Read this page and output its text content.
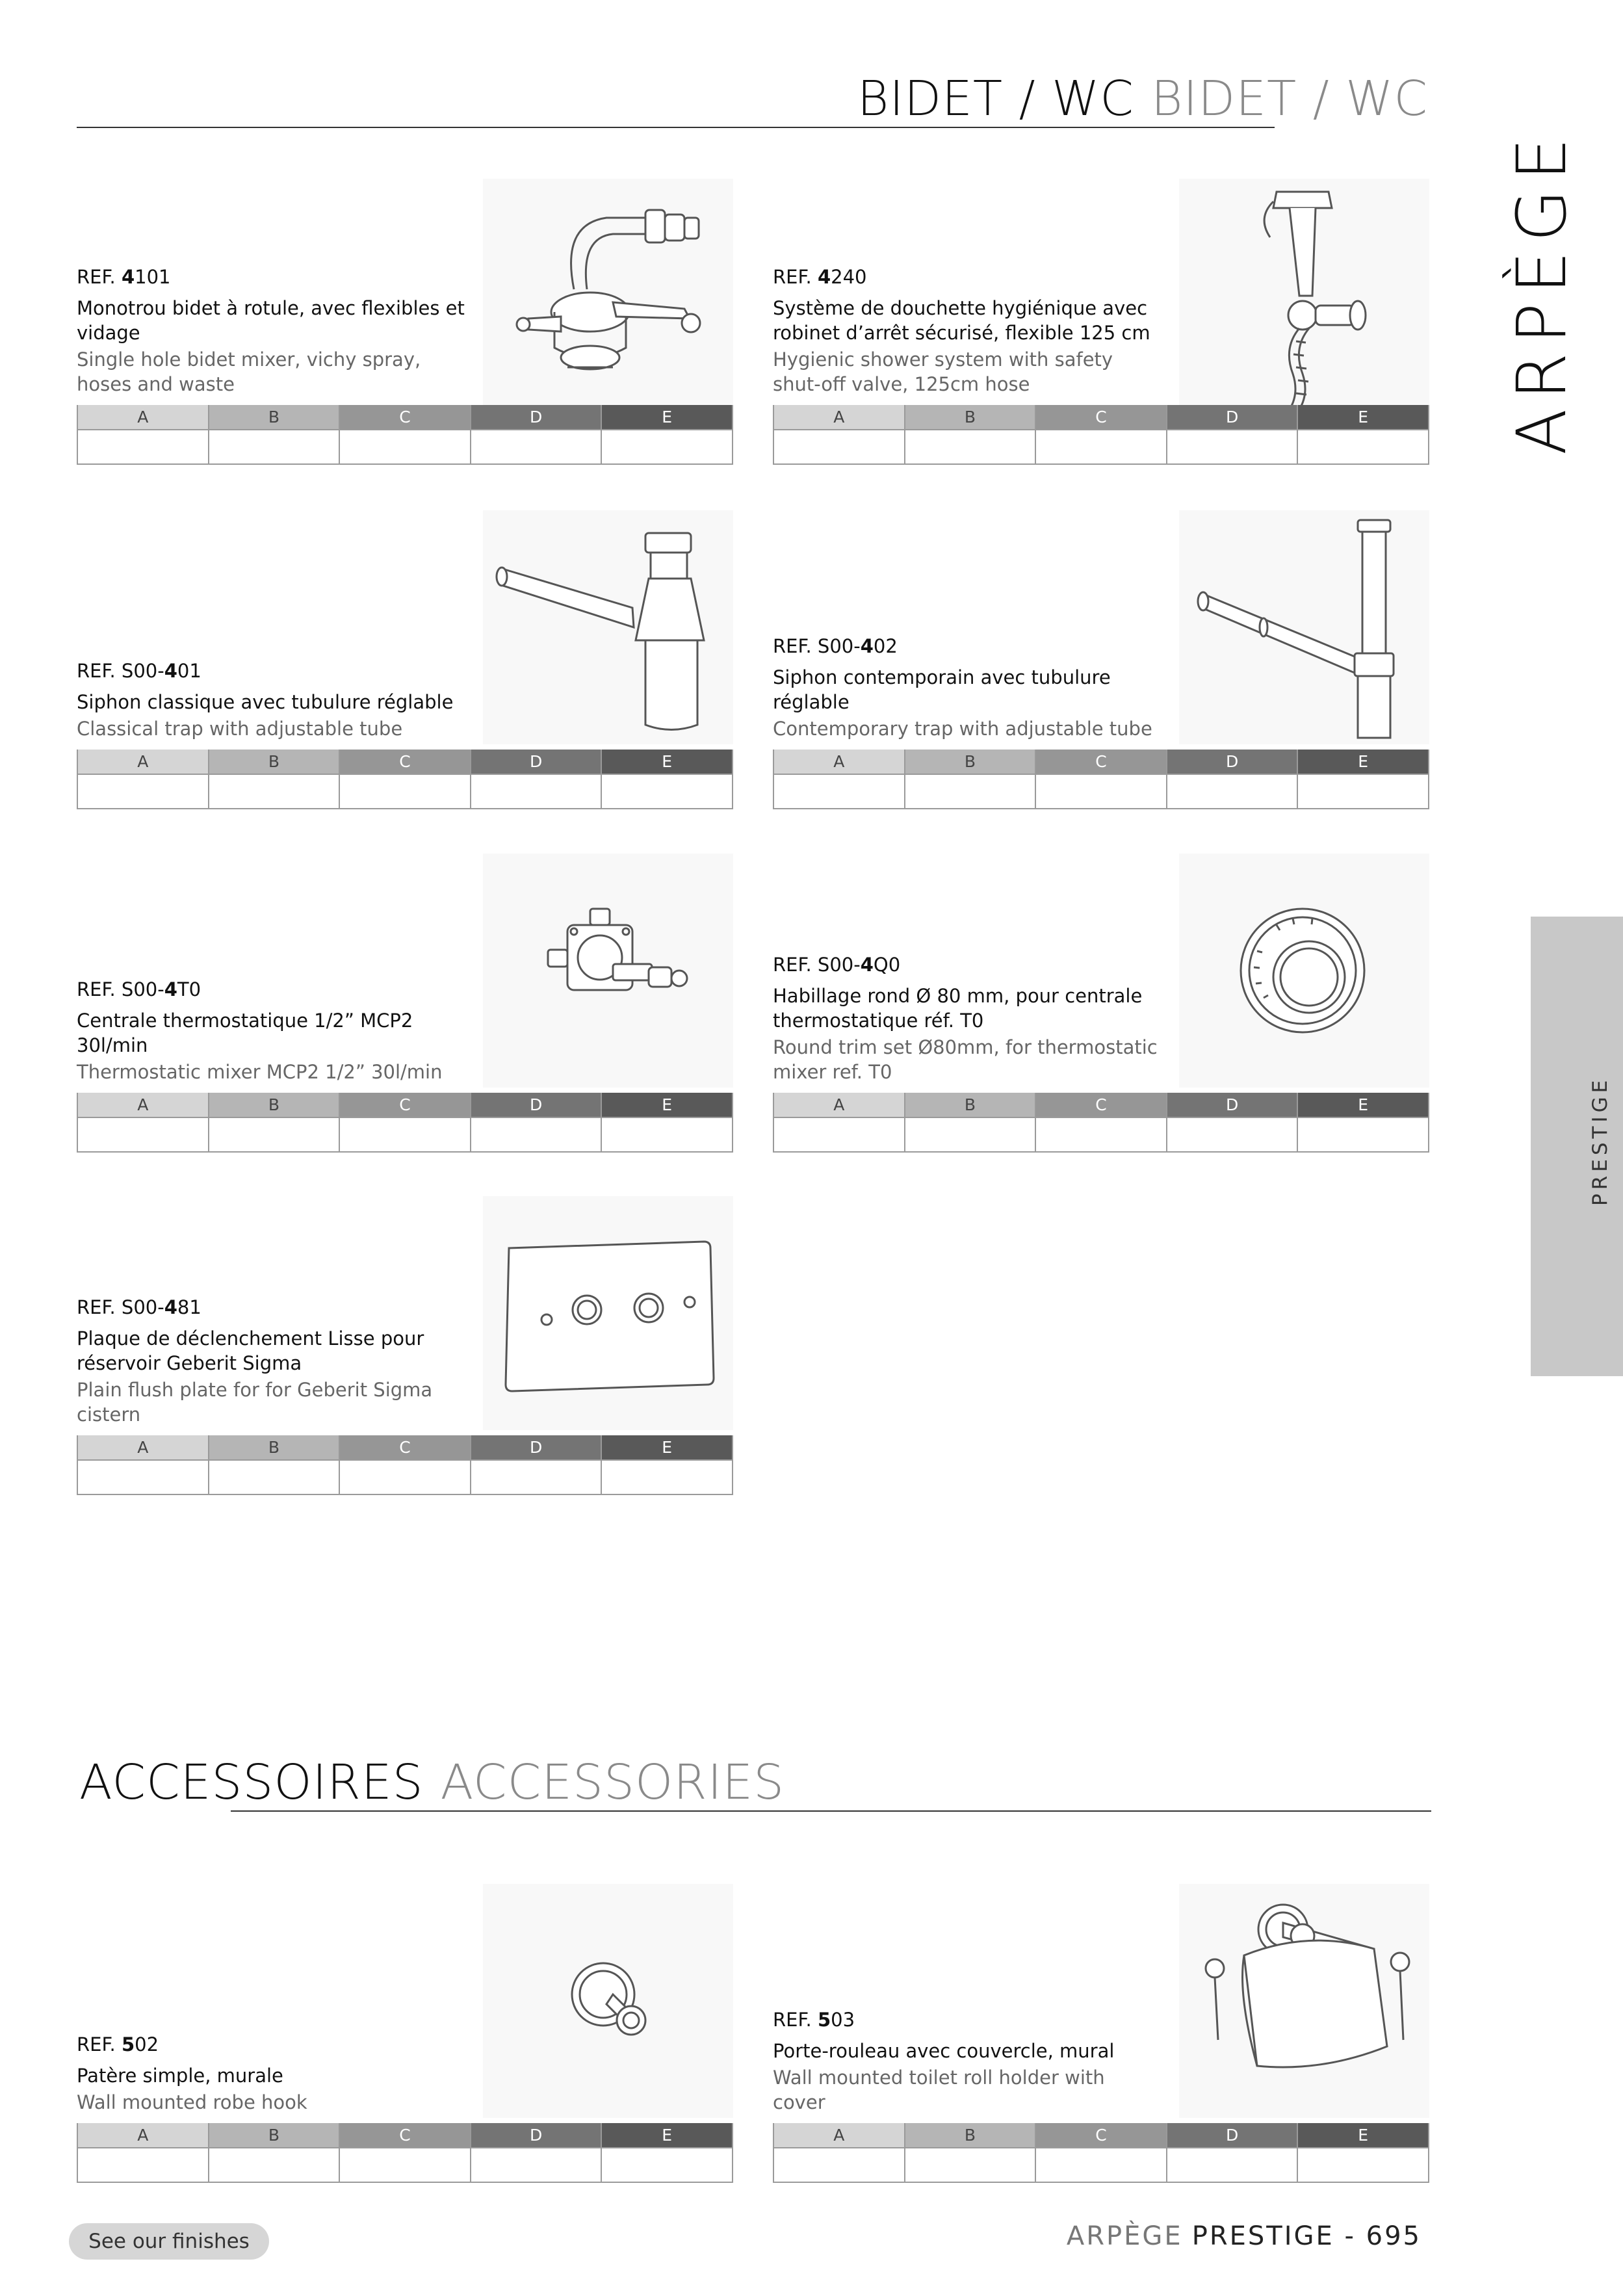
BIDET / WC BIDET / WC
ARPÈGE
PRESTIGE
REF. 4101
Monotrou bidet à rotule, avec flexibles et vidage
Single hole bidet mixer, vichy spray, hoses and waste
A	B	C	D	E

REF. 4240
Système de douchette hygiénique avec robinet d’arrêt sécurisé, flexible 125 cm
Hygienic shower system with safety shut-off valve, 125cm hose
A	B	C	D	E

REF. S00-401
Siphon classique avec tubulure réglable
Classical trap with adjustable tube
A	B	C	D	E

REF. S00-402
Siphon contemporain avec tubulure réglable
Contemporary trap with adjustable tube
A	B	C	D	E

REF. S00-4T0
Centrale thermostatique 1/2” MCP2 30l/min
Thermostatic mixer MCP2 1/2” 30l/min
A	B	C	D	E

REF. S00-4Q0
Habillage rond Ø 80 mm, pour centrale thermostatique réf. T0
Round trim set Ø80mm, for thermostatic mixer ref. T0
A	B	C	D	E

REF. S00-481
Plaque de déclenchement Lisse pour réservoir Geberit Sigma
Plain flush plate for for Geberit Sigma cistern
A	B	C	D	E

ACCESSOIRES ACCESSORIES
REF. 502
Patère simple, murale
Wall mounted robe hook
A	B	C	D	E

REF. 503
Porte-rouleau avec couvercle, mural
Wall mounted toilet roll holder with cover
A	B	C	D	E

See our finishes	ARPÈGE PRESTIGE - 695
